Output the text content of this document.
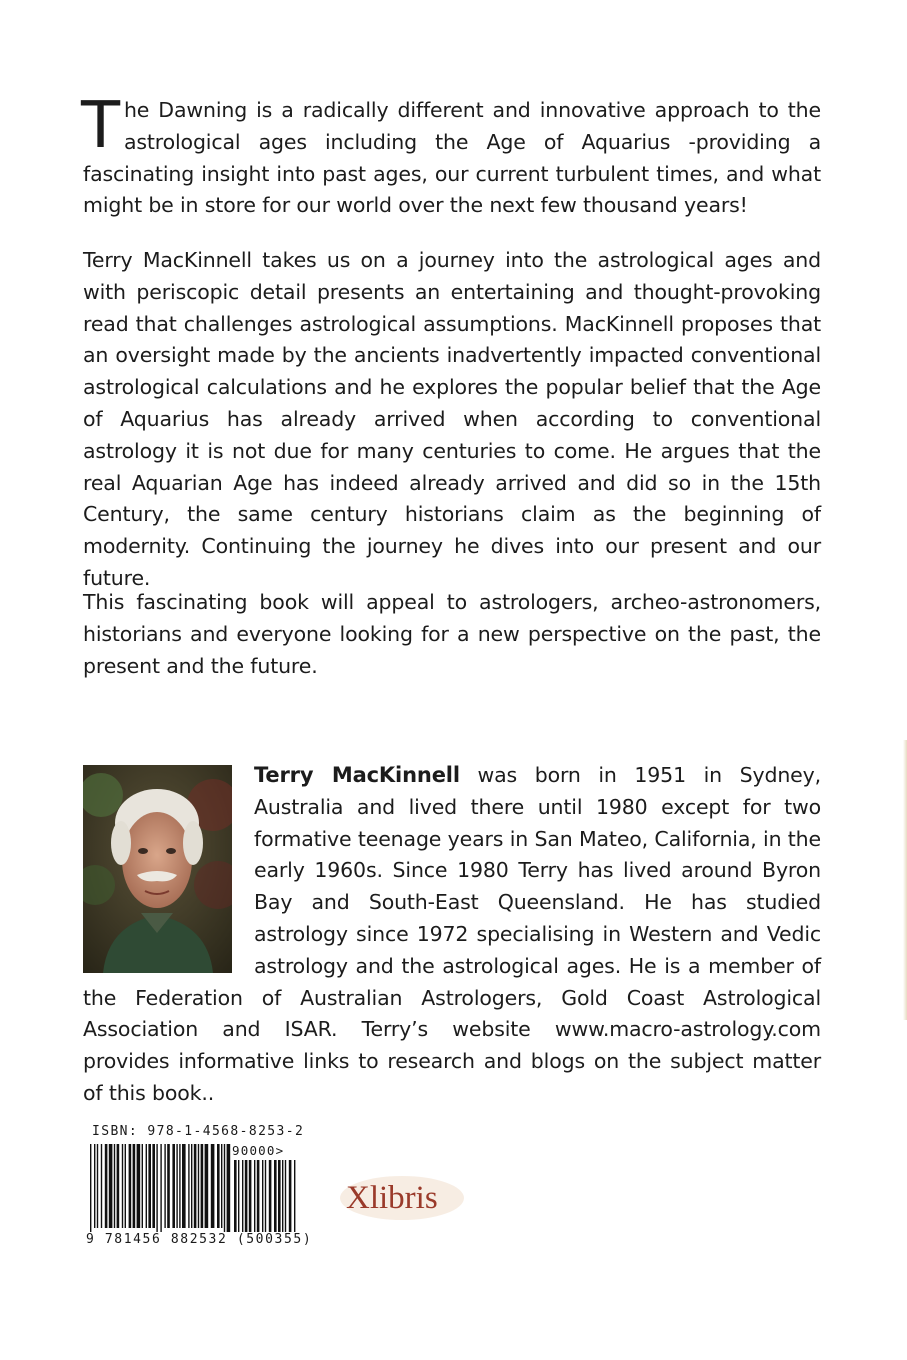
The Dawning is a radically different and innovative approach to the astrological ages including the Age of Aquarius -providing a fascinating insight into past ages, our current turbulent times, and what might be in store for our world over the next few thousand years!

Terry MacKinnell takes us on a journey into the astrological ages and with periscopic detail presents an entertaining and thought-provoking read that challenges astrological assumptions. MacKinnell proposes that an oversight made by the ancients inadvertently impacted conventional astrological calculations and he explores the popular belief that the Age of Aquarius has already arrived when according to conventional astrology it is not due for many centuries to come. He argues that the real Aquarian Age has indeed already arrived and did so in the 15th Century, the same century historians claim as the beginning of modernity. Continuing the journey he dives into our present and our future.

This fascinating book will appeal to astrologers, archeo-astronomers, historians and everyone looking for a new perspective on the past, the present and the future.

Terry MacKinnell was born in 1951 in Sydney, Australia and lived there until 1980 except for two formative teenage years in San Mateo, California, in the early 1960s. Since 1980 Terry has lived around Byron Bay and South-East Queensland. He has studied astrology since 1972 specialising in Western and Vedic astrology and the astrological ages. He is a member of the Federation of Australian Astrologers, Gold Coast Astrological Association and ISAR. Terry’s website www.macro-astrology.com provides informative links to research and blogs on the subject matter of this book..
ISBN: 978-1-4568-8253-2
90000>
9 781456 882532 (500355)
Xlibris
